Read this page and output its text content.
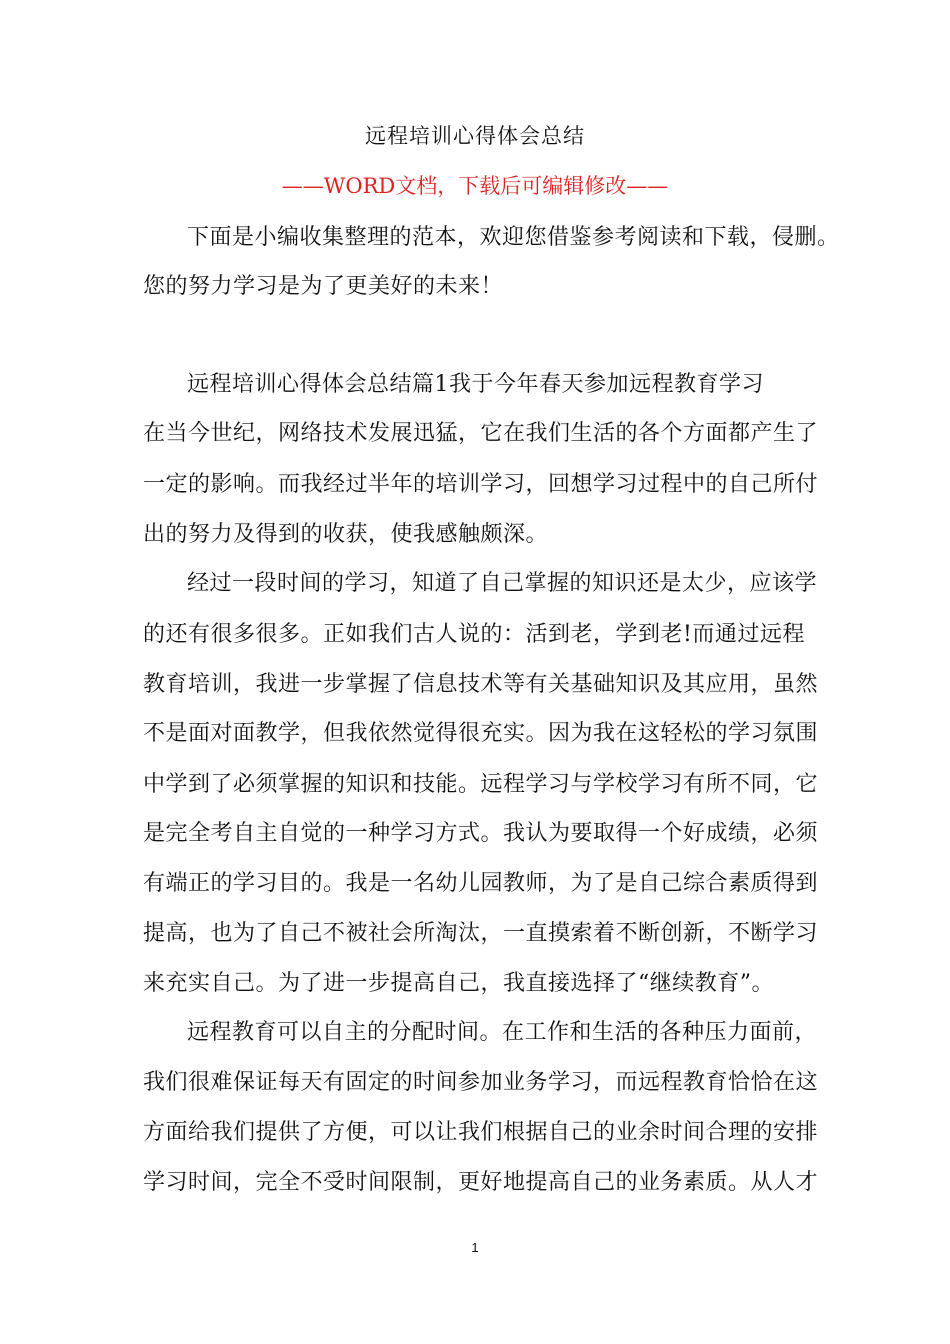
远程培训心得体会总结
——WORD文档，下载后可编辑修改——
下面是小编收集整理的范本，欢迎您借鉴参考阅读和下载，侵删。
您的努力学习是为了更美好的未来！
远程培训心得体会总结篇1我于今年春天参加远程教育学习
在当今世纪，网络技术发展迅猛，它在我们生活的各个方面都产生了
一定的影响。而我经过半年的培训学习，回想学习过程中的自己所付
出的努力及得到的收获，使我感触颇深。
经过一段时间的学习，知道了自己掌握的知识还是太少，应该学
的还有很多很多。正如我们古人说的：活到老，学到老!而通过远程
教育培训，我进一步掌握了信息技术等有关基础知识及其应用，虽然
不是面对面教学，但我依然觉得很充实。因为我在这轻松的学习氛围
中学到了必须掌握的知识和技能。远程学习与学校学习有所不同，它
是完全考自主自觉的一种学习方式。我认为要取得一个好成绩，必须
有端正的学习目的。我是一名幼儿园教师，为了是自己综合素质得到
提高，也为了自己不被社会所淘汰，一直摸索着不断创新，不断学习
来充实自己。为了进一步提高自己，我直接选择了“继续教育”。
远程教育可以自主的分配时间。在工作和生活的各种压力面前，
我们很难保证每天有固定的时间参加业务学习，而远程教育恰恰在这
方面给我们提供了方便，可以让我们根据自己的业余时间合理的安排
学习时间，完全不受时间限制，更好地提高自己的业务素质。从人才
1
